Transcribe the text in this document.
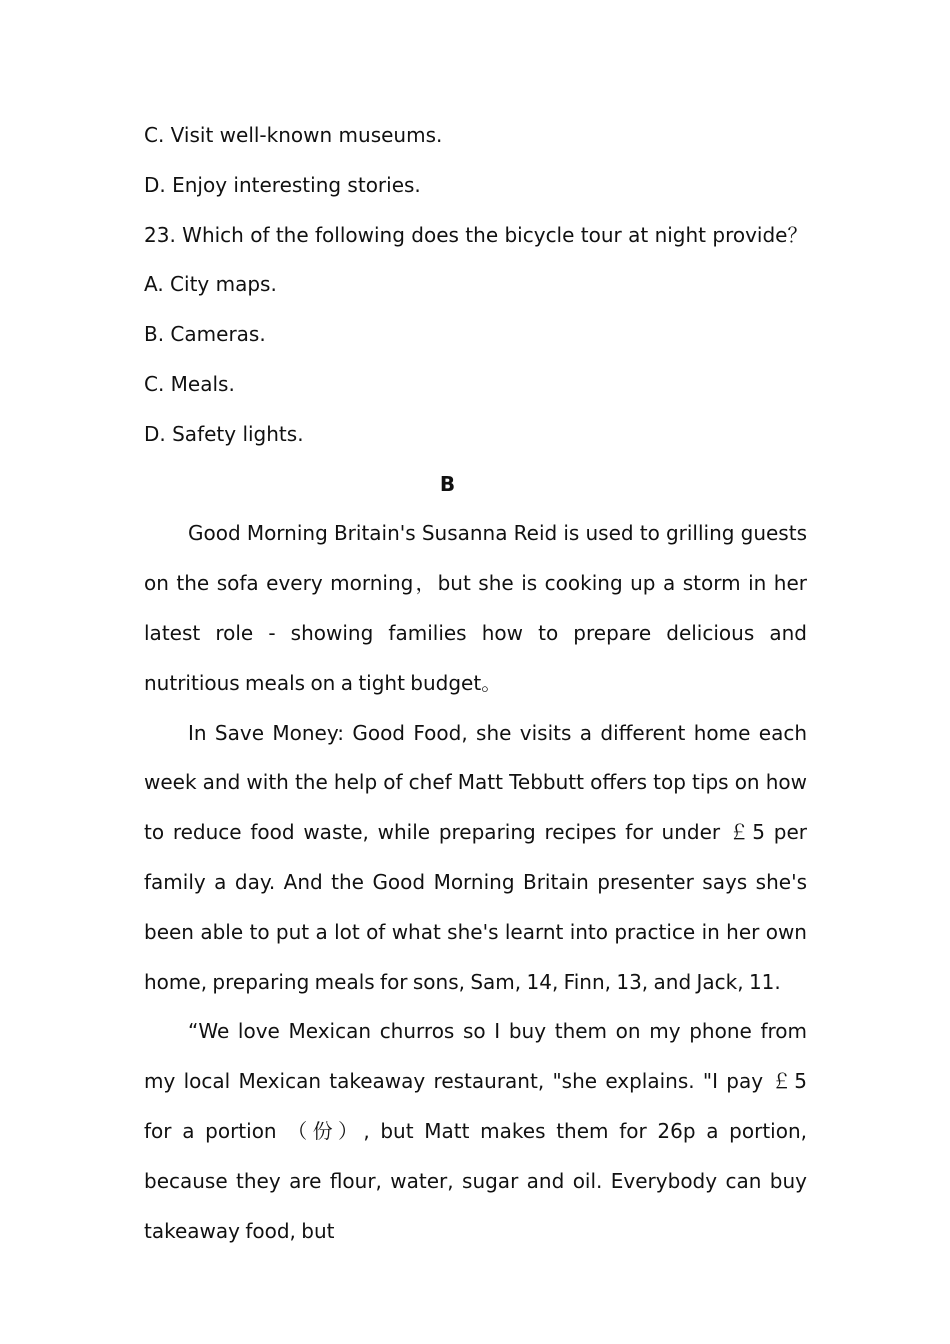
C. Visit well-known museums.

D. Enjoy interesting stories.

23. Which of the following does the bicycle tour at night provide？

A. City maps.

B. Cameras.

C. Meals.

D. Safety lights.

B

Good Morning Britain's Susanna Reid is used to grilling guests on the sofa every morning，but she is cooking up a storm in her latest role - showing families how to prepare delicious and nutritious meals on a tight budget。

In Save Money: Good Food, she visits a different home each week and with the help of chef Matt Tebbutt offers top tips on how to reduce food waste, while preparing recipes for under ￡5 per family a day. And the Good Morning Britain presenter says she's been able to put a lot of what she's learnt into practice in her own home, preparing meals for sons, Sam, 14, Finn, 13, and Jack, 11.

“We love Mexican churros so I buy them on my phone from my local Mexican takeaway restaurant, "she explains. "I pay ￡5 for a portion （份）, but Matt makes them for 26p a portion, because they are flour, water, sugar and oil. Everybody can buy takeaway food, but
